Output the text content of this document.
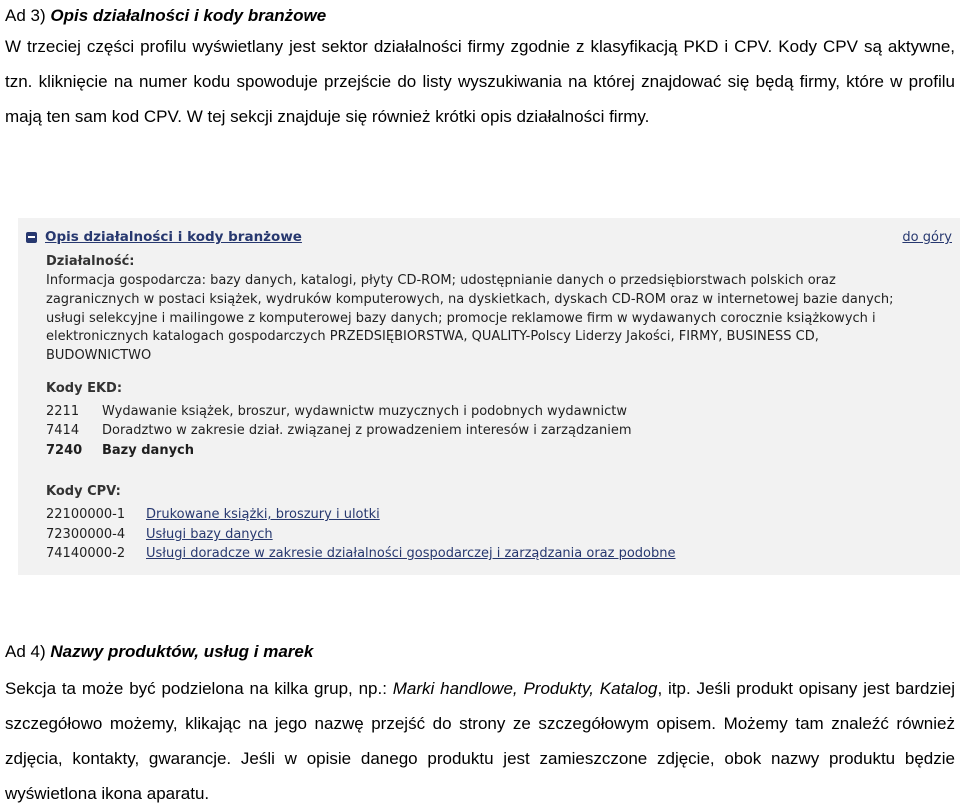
Ad 3) Opis działalności i kody branżowe
W trzeciej części profilu wyświetlany jest sektor działalności firmy zgodnie z klasyfikacją PKD i CPV. Kody CPV są aktywne, tzn. kliknięcie na numer kodu spowoduje przejście do listy wyszukiwania na której znajdować się będą firmy, które w profilu mają ten sam kod CPV. W tej sekcji znajduje się również krótki opis działalności firmy.
Opis działalności i kody branżowe	do góry
Działalność:
Informacja gospodarcza: bazy danych, katalogi, płyty CD-ROM; udostępnianie danych o przedsiębiorstwach polskich oraz zagranicznych w postaci książek, wydruków komputerowych, na dyskietkach, dyskach CD-ROM oraz w internetowej bazie danych; usługi selekcyjne i mailingowe z komputerowej bazy danych; promocje reklamowe firm w wydawanych corocznie książkowych i elektronicznych katalogach gospodarczych PRZEDSIĘBIORSTWA, QUALITY-Polscy Liderzy Jakości, FIRMY, BUSINESS CD, BUDOWNICTWO
Kody EKD:
2211 Wydawanie książek, broszur, wydawnictw muzycznych i podobnych wydawnictw
7414 Doradztwo w zakresie dział. związanej z prowadzeniem interesów i zarządzaniem
7240 Bazy danych
Kody CPV:
22100000-1 Drukowane książki, broszury i ulotki
72300000-4 Usługi bazy danych
74140000-2 Usługi doradcze w zakresie działalności gospodarczej i zarządzania oraz podobne
Ad 4) Nazwy produktów, usług i marek
Sekcja ta może być podzielona na kilka grup, np.: Marki handlowe, Produkty, Katalog, itp. Jeśli produkt opisany jest bardziej szczegółowo możemy, klikając na jego nazwę przejść do strony ze szczegółowym opisem. Możemy tam znaleźć również zdjęcia, kontakty, gwarancje. Jeśli w opisie danego produktu jest zamieszczone zdjęcie, obok nazwy produktu będzie wyświetlona ikona aparatu.
